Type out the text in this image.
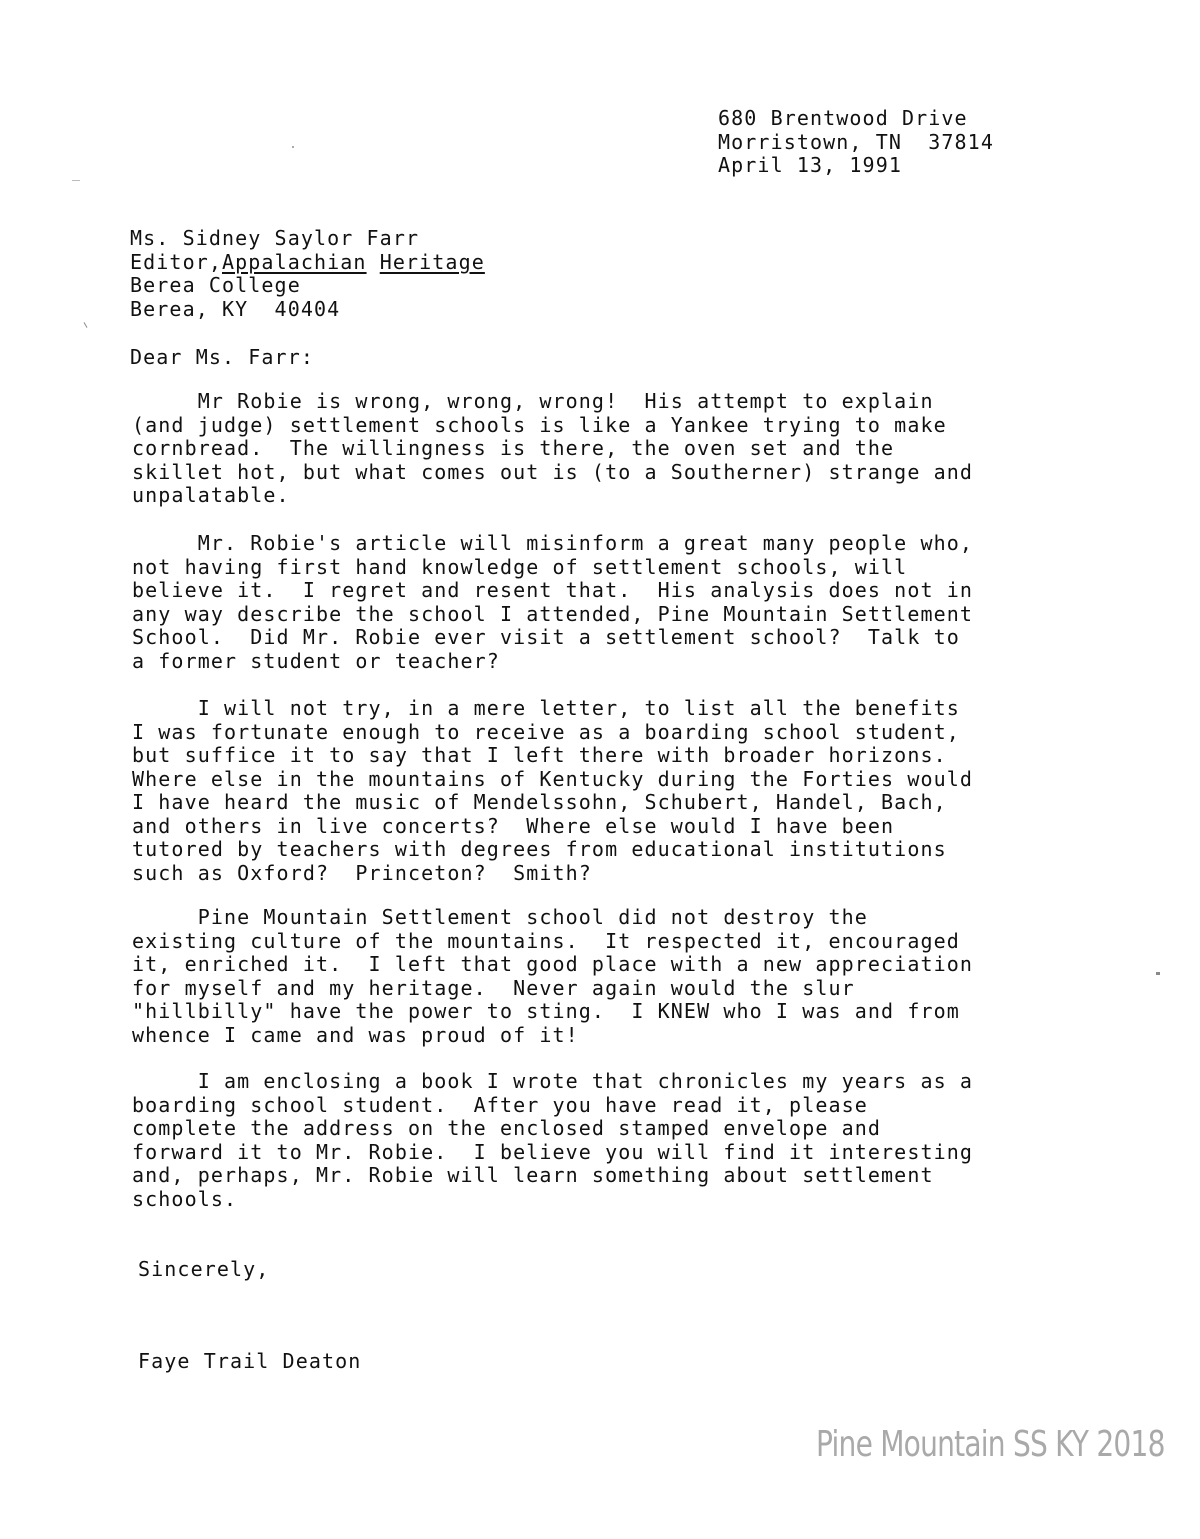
680 Brentwood Drive
Morristown, TN  37814
April 13, 1991
Ms. Sidney Saylor Farr
Editor,Appalachian Heritage
Berea College
Berea, KY  40404
Dear Ms. Farr:
Mr Robie is wrong, wrong, wrong!  His attempt to explain
(and judge) settlement schools is like a Yankee trying to make
cornbread.  The willingness is there, the oven set and the
skillet hot, but what comes out is (to a Southerner) strange and
unpalatable.
Mr. Robie's article will misinform a great many people who,
not having first hand knowledge of settlement schools, will
believe it.  I regret and resent that.  His analysis does not in
any way describe the school I attended, Pine Mountain Settlement
School.  Did Mr. Robie ever visit a settlement school?  Talk to
a former student or teacher?
I will not try, in a mere letter, to list all the benefits
I was fortunate enough to receive as a boarding school student,
but suffice it to say that I left there with broader horizons.
Where else in the mountains of Kentucky during the Forties would
I have heard the music of Mendelssohn, Schubert, Handel, Bach,
and others in live concerts?  Where else would I have been
tutored by teachers with degrees from educational institutions
such as Oxford?  Princeton?  Smith?
Pine Mountain Settlement school did not destroy the
existing culture of the mountains.  It respected it, encouraged
it, enriched it.  I left that good place with a new appreciation
for myself and my heritage.  Never again would the slur
"hillbilly" have the power to sting.  I KNEW who I was and from
whence I came and was proud of it!
I am enclosing a book I wrote that chronicles my years as a
boarding school student.  After you have read it, please
complete the address on the enclosed stamped envelope and
forward it to Mr. Robie.  I believe you will find it interesting
and, perhaps, Mr. Robie will learn something about settlement
schools.
Sincerely,
Faye Trail Deaton
Pine Mountain SS KY 2018
